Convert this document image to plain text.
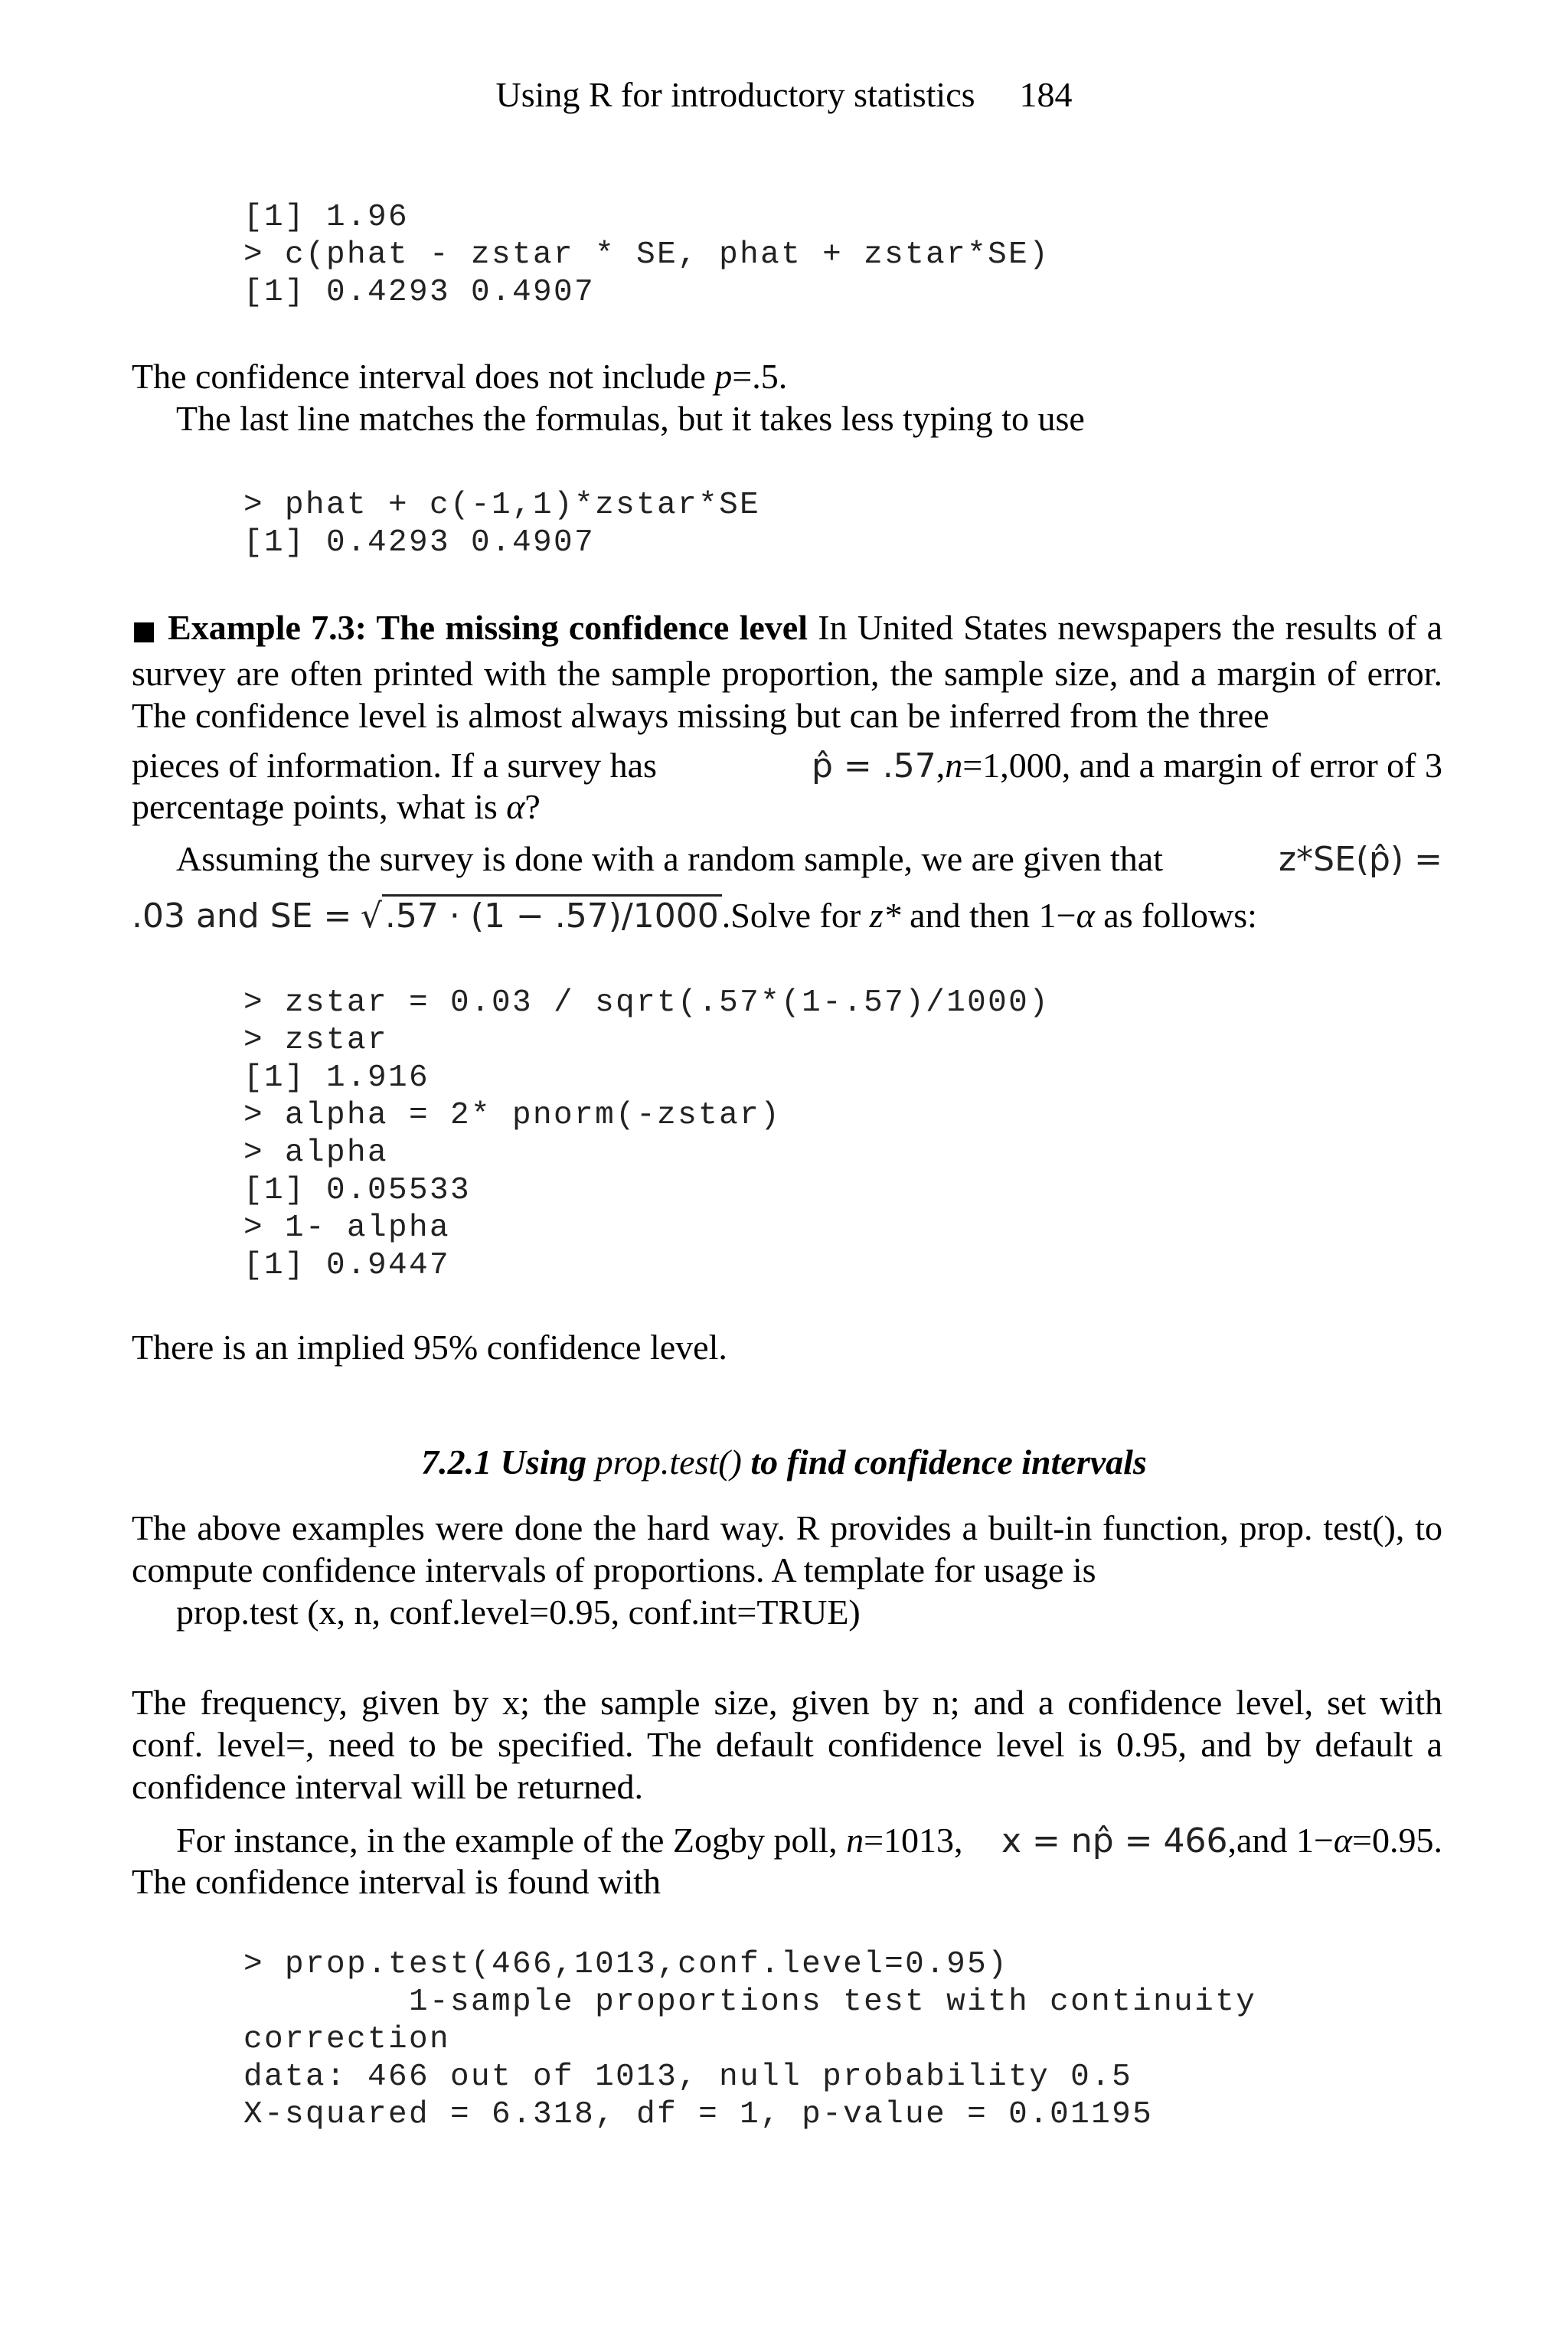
Using R for introductory statistics 184
[1] 1.96
> c(phat - zstar * SE, phat + zstar*SE)
[1] 0.4293 0.4907
The confidence interval does not include p=.5.
The last line matches the formulas, but it takes less typing to use
> phat + c(-1,1)*zstar*SE
[1] 0.4293 0.4907
■ Example 7.3: The missing confidence level In United States newspapers the results of a survey are often printed with the sample proportion, the sample size, and a margin of error. The confidence level is almost always missing but can be inferred from the three
pieces of information. If a survey has	p̂ = .57,n=1,000, and a margin of error of 3
percentage points, what is α?
Assuming the survey is done with a random sample, we are given that	z*SE(p̂) =
.03 and SE = √.57 · (1 − .57)/1000.Solve for z* and then 1−α as follows:
> zstar = 0.03 / sqrt(.57*(1-.57)/1000)
> zstar
[1] 1.916
> alpha = 2* pnorm(-zstar)
> alpha
[1] 0.05533
> 1- alpha
[1] 0.9447
There is an implied 95% confidence level.
7.2.1 Using prop.test() to find confidence intervals
The above examples were done the hard way. R provides a built-in function, prop. test(), to compute confidence intervals of proportions. A template for usage is
prop.test (x, n, conf.level=0.95, conf.int=TRUE)
The frequency, given by x; the sample size, given by n; and a confidence level, set with conf. level=, need to be specified. The default confidence level is 0.95, and by default a confidence interval will be returned.
For instance, in the example of the Zogby poll, n=1013, x = np̂ = 466,and 1−α=0.95.
The confidence interval is found with
> prop.test(466,1013,conf.level=0.95)
1-sample proportions test with continuity
correction
data: 466 out of 1013, null probability 0.5
X-squared = 6.318, df = 1, p-value = 0.01195
